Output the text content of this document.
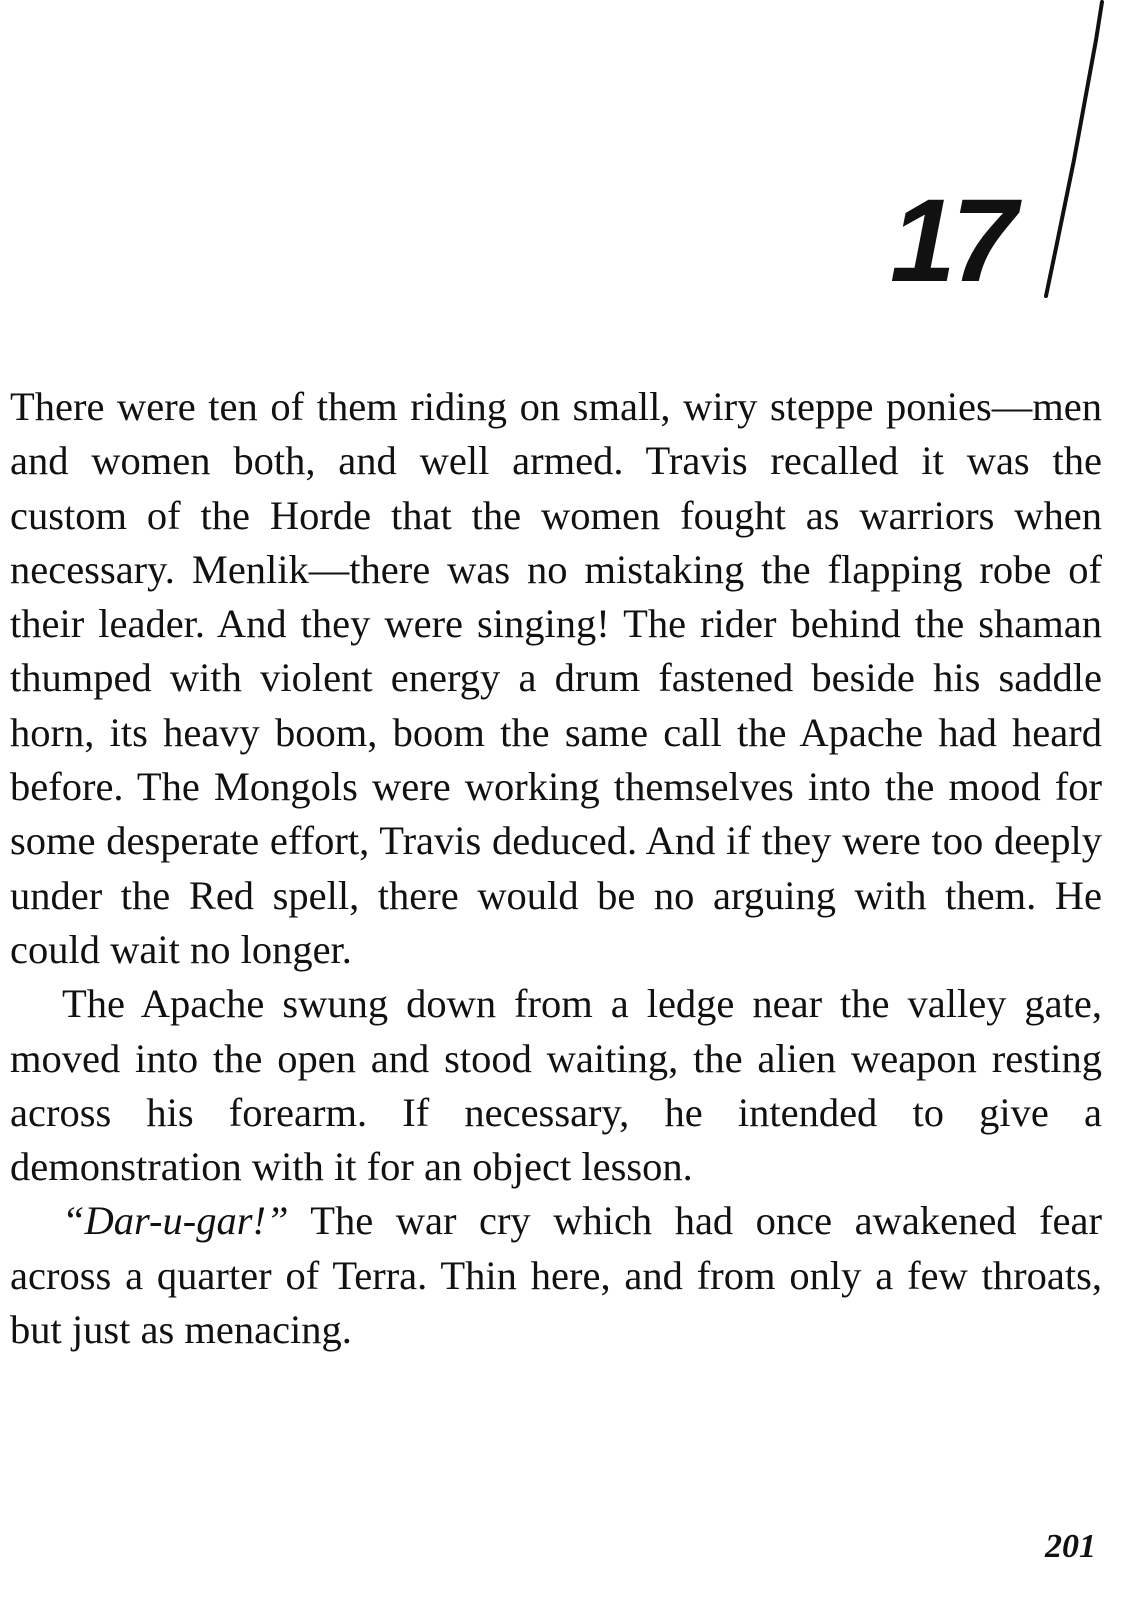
17

There were ten of them riding on small, wiry steppe ponies—men and women both, and well armed. Travis recalled it was the custom of the Horde that the women fought as warriors when necessary. Menlik—there was no mistaking the flapping robe of their leader. And they were singing! The rider behind the shaman thumped with violent energy a drum fastened beside his saddle horn, its heavy boom, boom the same call the Apache had heard before. The Mongols were working themselves into the mood for some desperate effort, Travis deduced. And if they were too deeply under the Red spell, there would be no arguing with them. He could wait no longer.

The Apache swung down from a ledge near the valley gate, moved into the open and stood waiting, the alien weapon resting across his forearm. If necessary, he intended to give a demonstration with it for an object lesson.

“Dar-u-gar!” The war cry which had once awakened fear across a quarter of Terra. Thin here, and from only a few throats, but just as menacing.

201
